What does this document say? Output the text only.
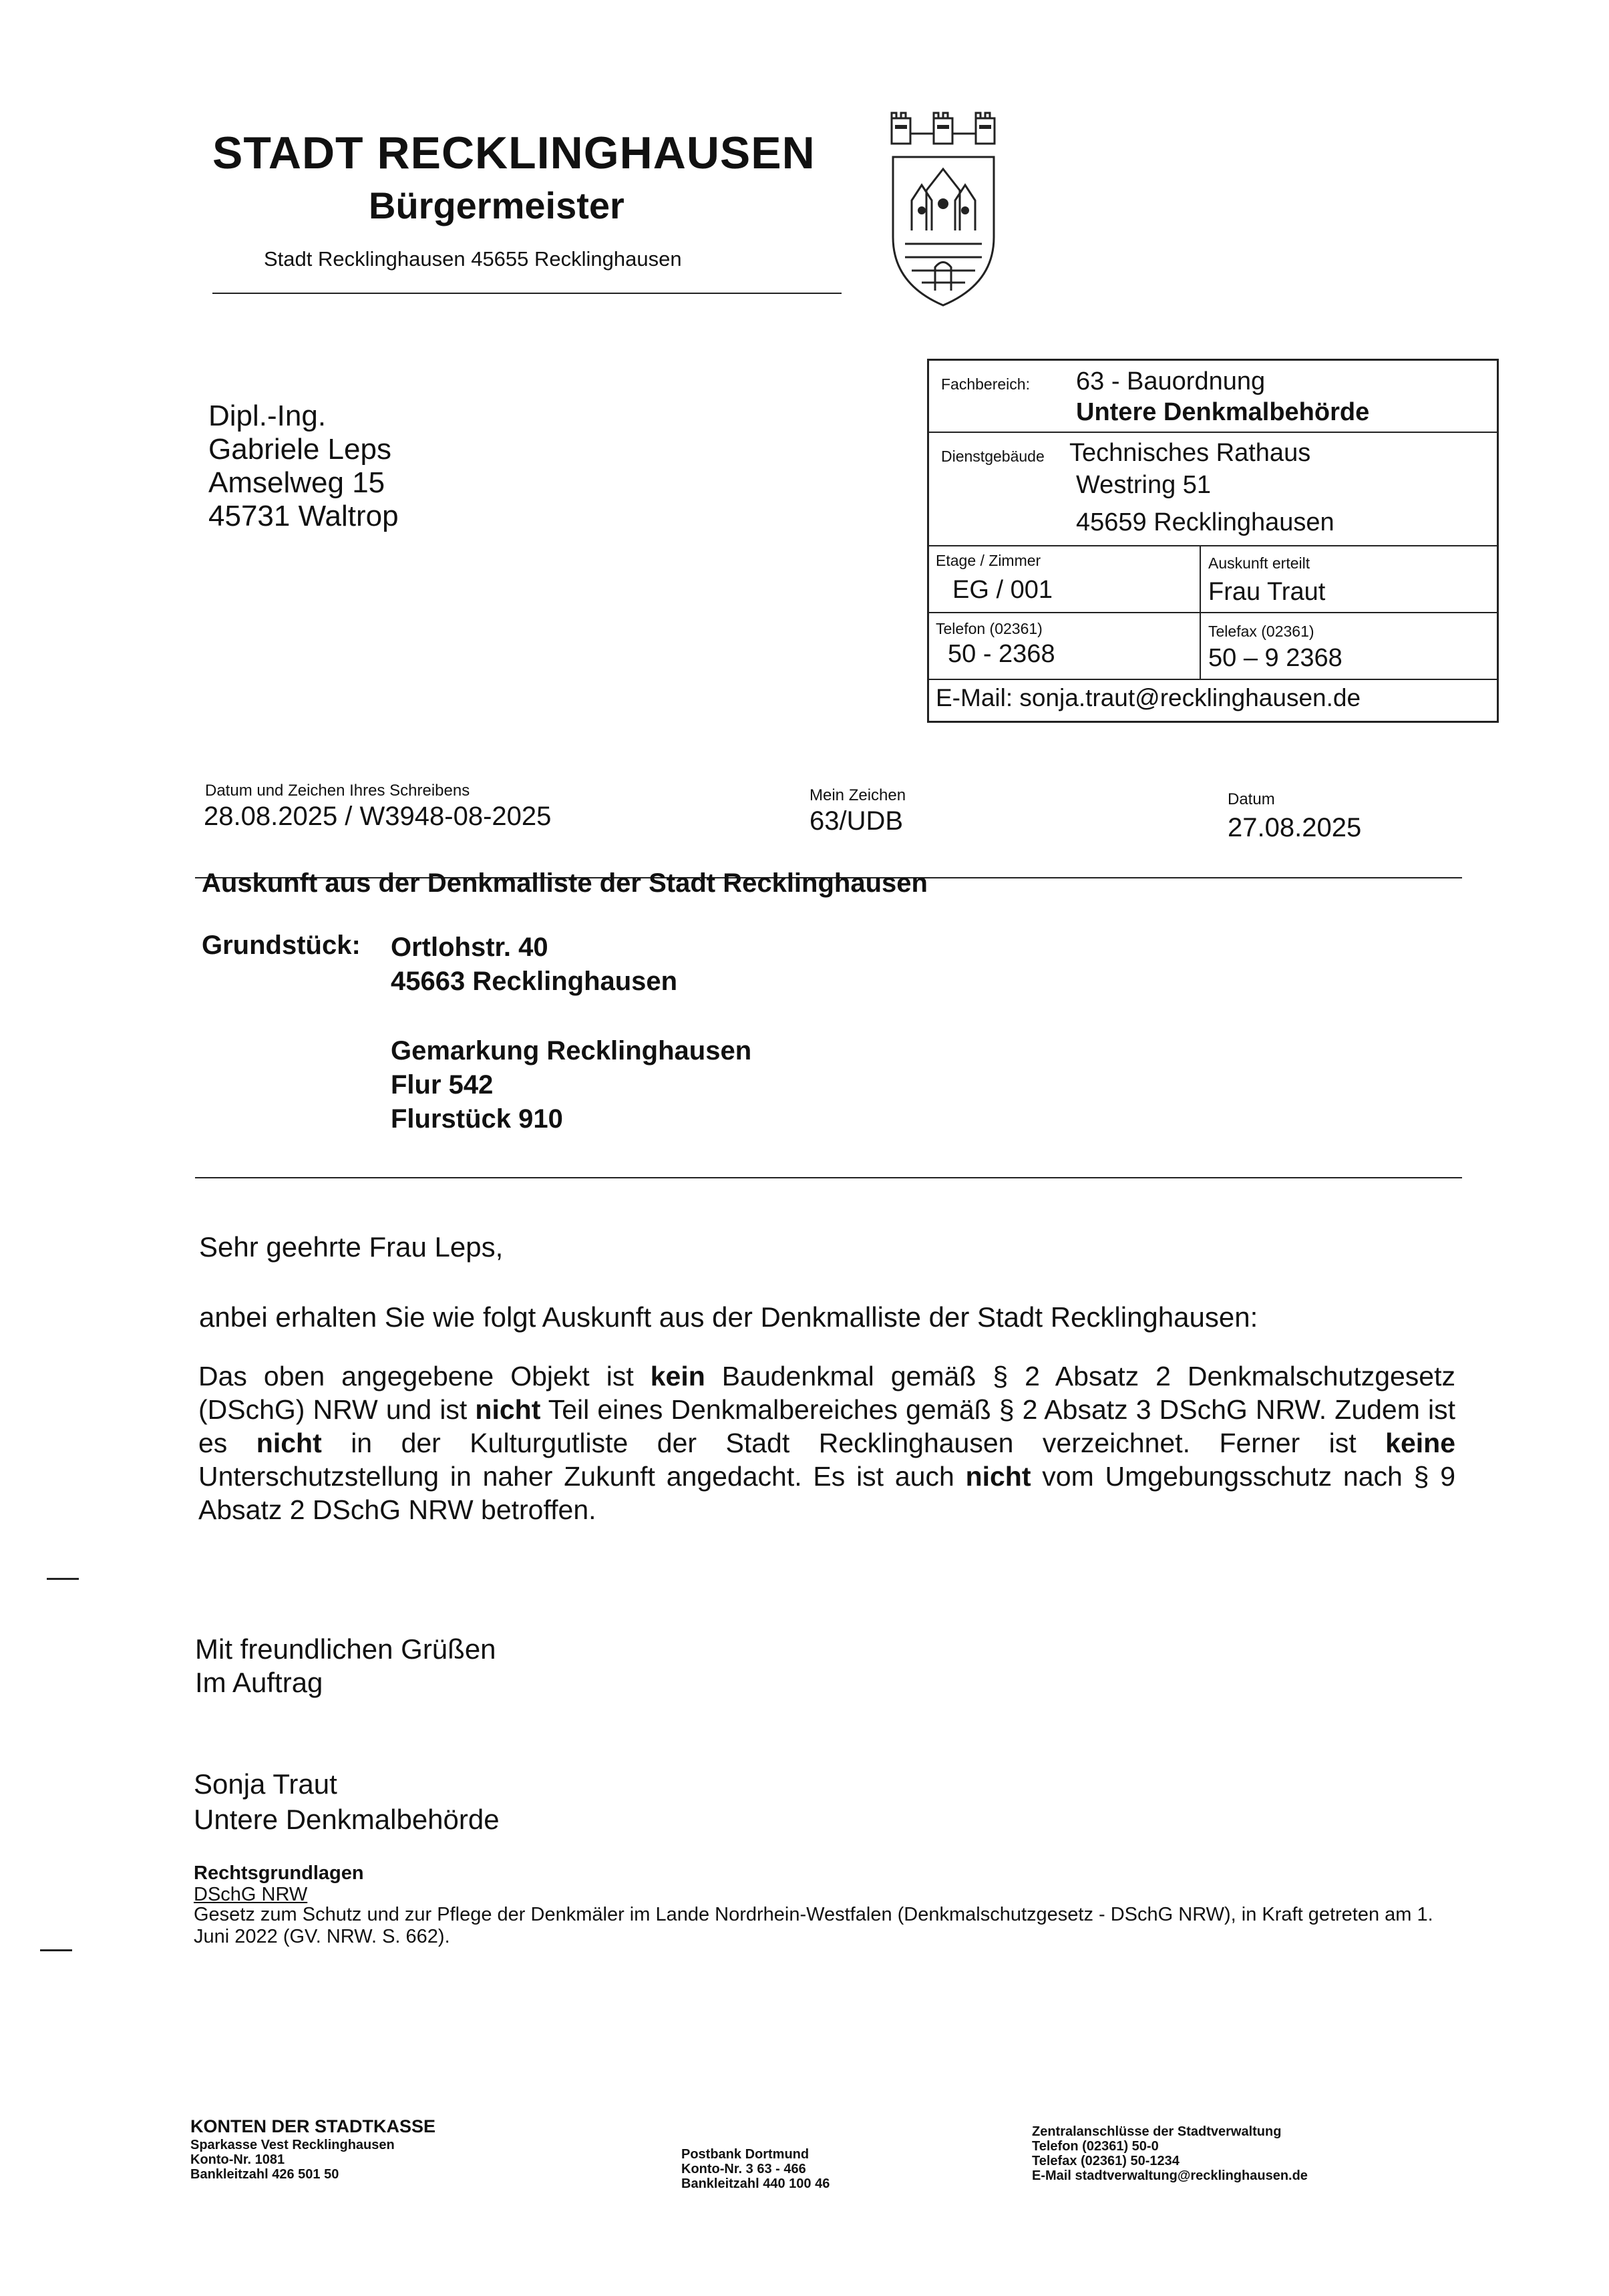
STADT RECKLINGHAUSEN
Bürgermeister
Stadt Recklinghausen 45655 Recklinghausen
Dipl.-Ing.
Gabriele Leps
Amselweg 15
45731 Waltrop
Fachbereich: 63 - Bauordnung
Untere Denkmalbehörde
Dienstgebäude Technisches Rathaus
Westring 51
45659 Recklinghausen
Etage / Zimmer
EG / 001
Auskunft erteilt
Frau Traut
Telefon (02361)
50 - 2368
Telefax (02361)
50 – 9 2368
E-Mail: sonja.traut@recklinghausen.de
Datum und Zeichen Ihres Schreibens
28.08.2025 / W3948-08-2025
Mein Zeichen
63/UDB
Datum
27.08.2025
Auskunft aus der Denkmalliste der Stadt Recklinghausen
Grundstück: Ortlohstr. 40
45663 Recklinghausen
Gemarkung Recklinghausen
Flur 542
Flurstück 910
Sehr geehrte Frau Leps,
anbei erhalten Sie wie folgt Auskunft aus der Denkmalliste der Stadt Recklinghausen:
Das oben angegebene Objekt ist kein Baudenkmal gemäß § 2 Absatz 2 Denkmalschutzgesetz (DSchG) NRW und ist nicht Teil eines Denkmalbereiches gemäß § 2 Absatz 3 DSchG NRW. Zudem ist es nicht in der Kulturgutliste der Stadt Recklinghausen verzeichnet. Ferner ist keine Unterschutzstellung in naher Zukunft angedacht. Es ist auch nicht vom Umgebungsschutz nach § 9 Absatz 2 DSchG NRW betroffen.
Mit freundlichen Grüßen
Im Auftrag
Sonja Traut
Untere Denkmalbehörde
Rechtsgrundlagen
DSchG NRW
Gesetz zum Schutz und zur Pflege der Denkmäler im Lande Nordrhein-Westfalen (Denkmalschutzgesetz - DSchG NRW), in Kraft getreten am 1. Juni 2022 (GV. NRW. S. 662).
KONTEN DER STADTKASSE
Sparkasse Vest Recklinghausen
Konto-Nr. 1081
Bankleitzahl 426 501 50
Postbank Dortmund
Konto-Nr. 3 63 - 466
Bankleitzahl 440 100 46
Zentralanschlüsse der Stadtverwaltung
Telefon (02361) 50-0
Telefax (02361) 50-1234
E-Mail stadtverwaltung@recklinghausen.de
